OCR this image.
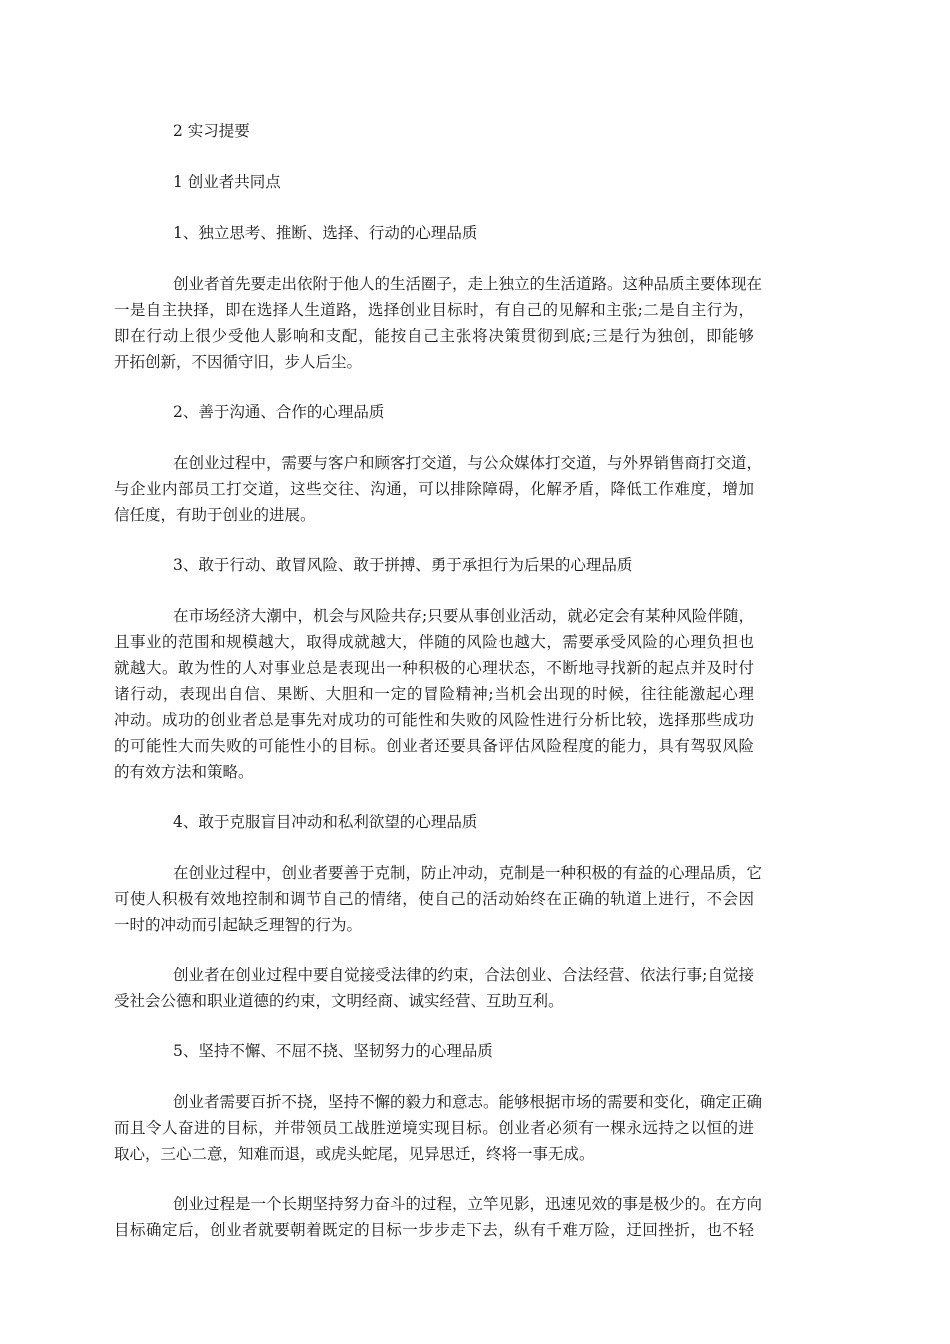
2 实习提要

1 创业者共同点

1、独立思考、推断、选择、行动的心理品质

创业者首先要走出依附于他人的生活圈子，走上独立的生活道路。这种品质主要体现在
一是自主抉择，即在选择人生道路，选择创业目标时，有自己的见解和主张;二是自主行为，
即在行动上很少受他人影响和支配，能按自己主张将决策贯彻到底;三是行为独创，即能够
开拓创新，不因循守旧，步人后尘。

2、善于沟通、合作的心理品质

在创业过程中，需要与客户和顾客打交道，与公众媒体打交道，与外界销售商打交道，
与企业内部员工打交道，这些交往、沟通，可以排除障碍，化解矛盾，降低工作难度，增加
信任度，有助于创业的进展。

3、敢于行动、敢冒风险、敢于拼搏、勇于承担行为后果的心理品质

在市场经济大潮中，机会与风险共存;只要从事创业活动，就必定会有某种风险伴随，
且事业的范围和规模越大，取得成就越大，伴随的风险也越大，需要承受风险的心理负担也
就越大。敢为性的人对事业总是表现出一种积极的心理状态，不断地寻找新的起点并及时付
诸行动，表现出自信、果断、大胆和一定的冒险精神;当机会出现的时候，往往能激起心理
冲动。成功的创业者总是事先对成功的可能性和失败的风险性进行分析比较，选择那些成功
的可能性大而失败的可能性小的目标。创业者还要具备评估风险程度的能力，具有驾驭风险
的有效方法和策略。

4、敢于克服盲目冲动和私利欲望的心理品质

在创业过程中，创业者要善于克制，防止冲动，克制是一种积极的有益的心理品质，它
可使人积极有效地控制和调节自己的情绪，使自己的活动始终在正确的轨道上进行，不会因
一时的冲动而引起缺乏理智的行为。
创业者在创业过程中要自觉接受法律的约束，合法创业、合法经营、依法行事;自觉接
受社会公德和职业道德的约束，文明经商、诚实经营、互助互利。

5、坚持不懈、不屈不挠、坚韧努力的心理品质

创业者需要百折不挠，坚持不懈的毅力和意志。能够根据市场的需要和变化，确定正确
而且令人奋进的目标，并带领员工战胜逆境实现目标。创业者必须有一棵永远持之以恒的进
取心，三心二意，知难而退，或虎头蛇尾，见异思迁，终将一事无成。
创业过程是一个长期坚持努力奋斗的过程，立竿见影，迅速见效的事是极少的。在方向
目标确定后，创业者就要朝着既定的目标一步步走下去，纵有千难万险，迂回挫折，也不轻
